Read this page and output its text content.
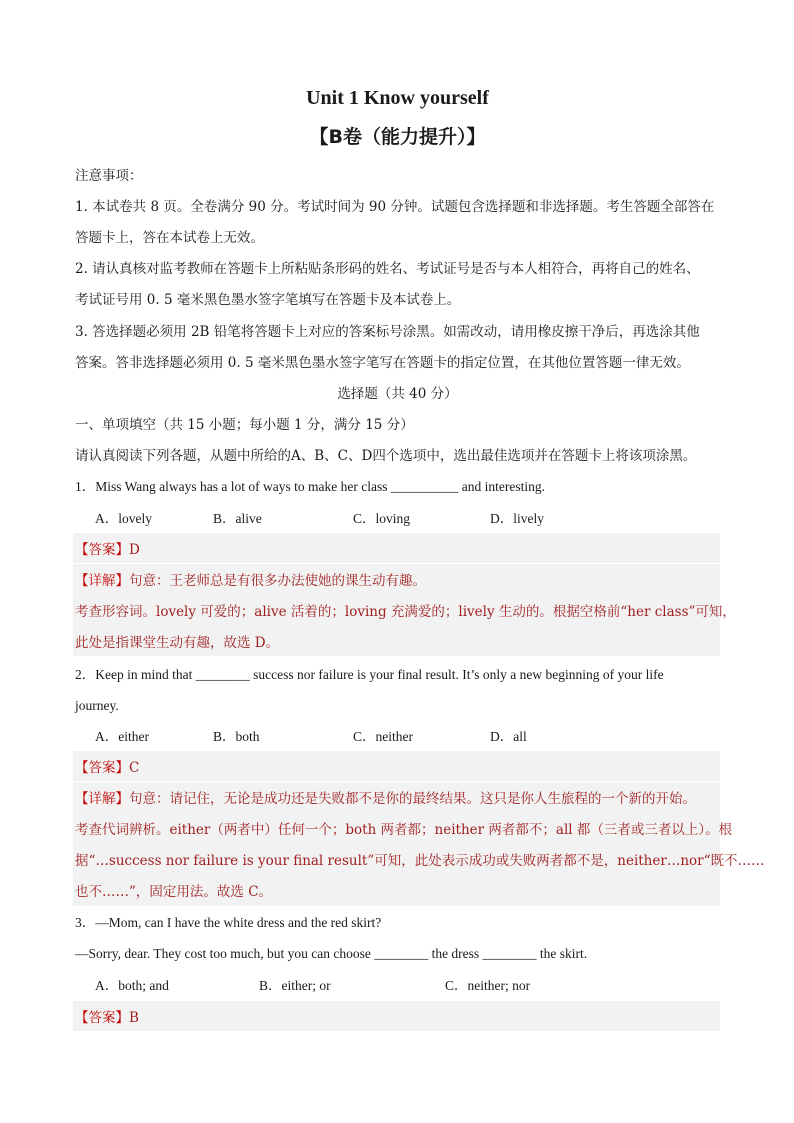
Unit 1 Know yourself
【B卷（能力提升）】
注意事项：
1. 本试卷共 8 页。全卷满分 90 分。考试时间为 90 分钟。试题包含选择题和非选择题。考生答题全部答在
答题卡上，答在本试卷上无效。
2. 请认真核对监考教师在答题卡上所粘贴条形码的姓名、考试证号是否与本人相符合，再将自己的姓名、
考试证号用 0. 5 毫米黑色墨水签字笔填写在答题卡及本试卷上。
3. 答选择题必须用 2B 铅笔将答题卡上对应的答案标号涂黑。如需改动，请用橡皮擦干净后，再选涂其他
答案。答非选择题必须用 0. 5 毫米黑色墨水签字笔写在答题卡的指定位置，在其他位置答题一律无效。
选择题（共 40 分）
一、单项填空（共 15 小题；每小题 1 分，满分 15 分）
请认真阅读下列各题，从题中所给的A、B、C、D四个选项中，选出最佳选项并在答题卡上将该项涂黑。
1．Miss Wang always has a lot of ways to make her class __________ and interesting.
A．lovely	B．alive	C．loving	D．lively
【答案】D
【详解】句意：王老师总是有很多办法使她的课生动有趣。
考查形容词。lovely 可爱的；alive 活着的；loving 充满爱的；lively 生动的。根据空格前“her class”可知，
此处是指课堂生动有趣，故选 D。
2．Keep in mind that ________ success nor failure is your final result. It’s only a new beginning of your life
journey.
A．either	B．both	C．neither	D．all
【答案】C
【详解】句意：请记住，无论是成功还是失败都不是你的最终结果。这只是你人生旅程的一个新的开始。
考查代词辨析。either（两者中）任何一个；both 两者都；neither 两者都不；all 都（三者或三者以上）。根
据“…success nor failure is your final result”可知，此处表示成功或失败两者都不是，neither…nor“既不……
也不……”，固定用法。故选 C。
3．—Mom, can I have the white dress and the red skirt?
—Sorry, dear. They cost too much, but you can choose ________ the dress ________ the skirt.
A．both; and	B．either; or	C．neither; nor
【答案】B
